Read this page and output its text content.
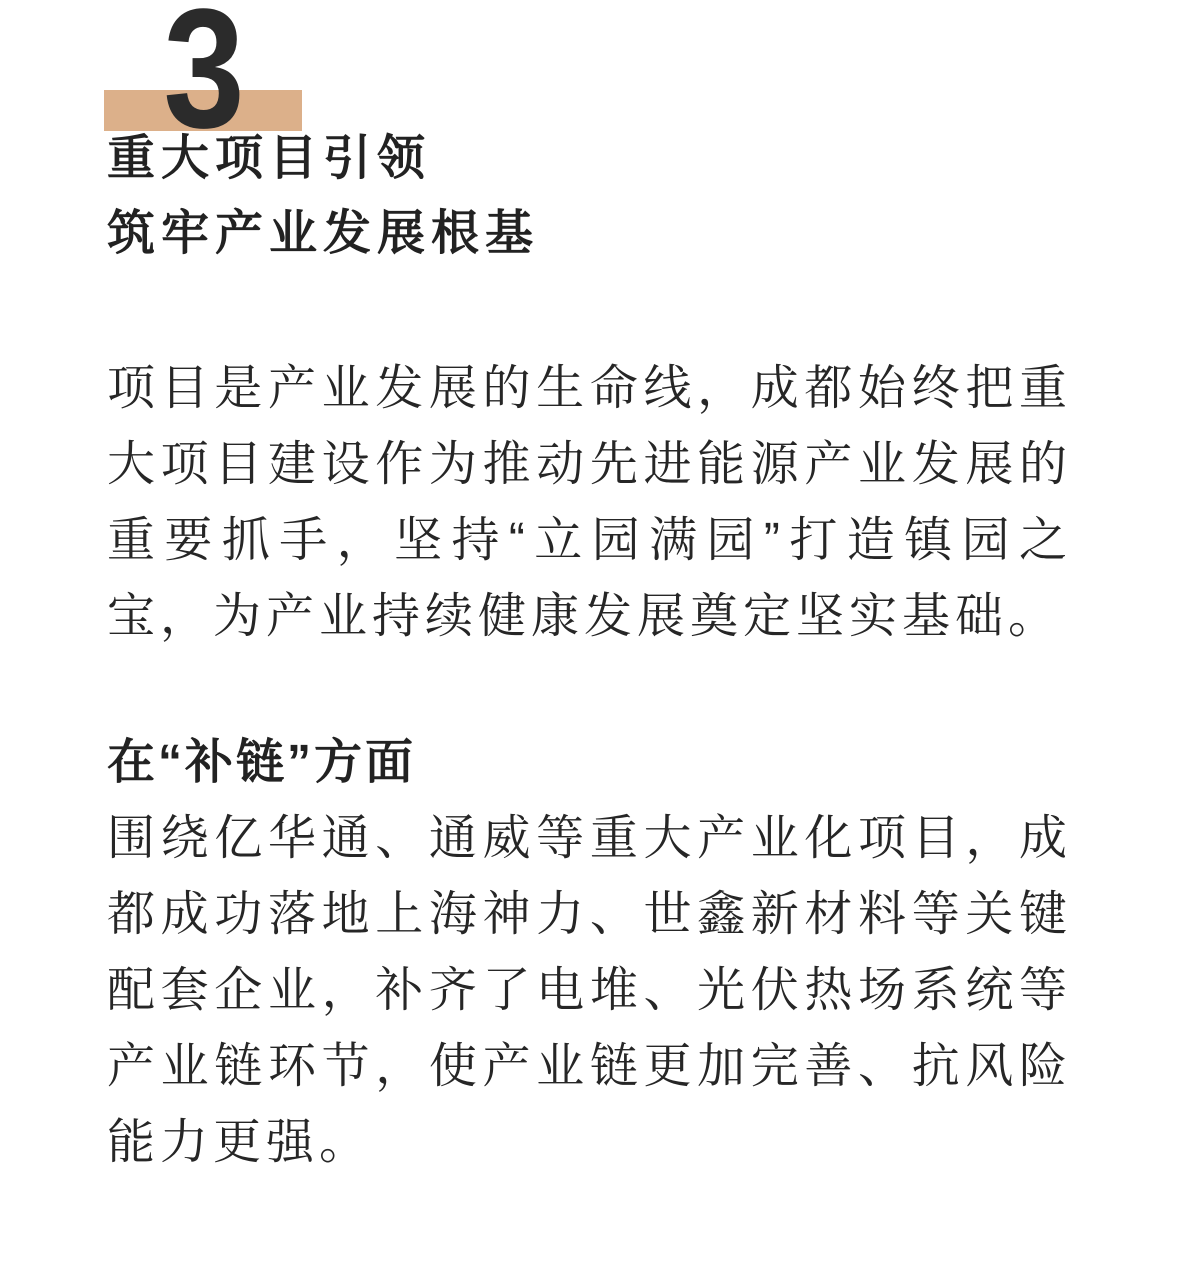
3
重大项目引领
筑牢产业发展根基

项目是产业发展的生命线，成都始终把重大项目建设作为推动先进能源产业发展的重要抓手，坚持“立园满园”打造镇园之宝，为产业持续健康发展奠定坚实基础。

在“补链”方面

围绕亿华通、通威等重大产业化项目，成都成功落地上海神力、世鑫新材料等关键配套企业，补齐了电堆、光伏热场系统等产业链环节，使产业链更加完善、抗风险能力更强。
